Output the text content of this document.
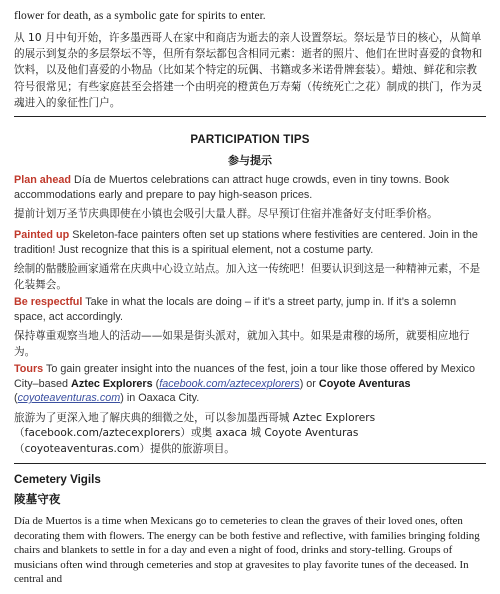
flower for death, as a symbolic gate for spirits to enter.
从 10 月中旬开始，许多墨西哥人在家中和商店为逝去的亲人设置祭坛。祭坛是节日的核心，从简单的展示到复杂的多层祭坛不等，但所有祭坛都包含相同元素：逝者的照片、他们在世时喜爱的食物和饮料，以及他们喜爱的小物品（比如某个特定的玩偶、书籍或多米诺骨牌套装）。蜡烛、鲜花和宗教符号很常见；有些家庭甚至会搭建一个由明亮的橙黄色万寿菊（传统死亡之花）制成的拱门，作为灵魂进入的象征性门户。
PARTICIPATION TIPS
参与提示
Plan ahead Día de Muertos celebrations can attract huge crowds, even in tiny towns. Book accommodations early and prepare to pay high-season prices.
提前计划万圣节庆典即使在小镇也会吸引大量人群。尽早预订住宿并准备好支付旺季价格。
Painted up Skeleton-face painters often set up stations where festivities are centered. Join in the tradition! Just recognize that this is a spiritual element, not a costume party.
绘制的骷髅脸画家通常在庆典中心设立站点。加入这一传统吧！但要认识到这是一种精神元素，不是化装舞会。
Be respectful Take in what the locals are doing – if it’s a street party, jump in. If it’s a solemn space, act accordingly.
保持尊重观察当地人的活动——如果是街头派对，就加入其中。如果是肃穆的场所，就要相应地行为。
Tours To gain greater insight into the nuances of the fest, join a tour like those offered by Mexico City–based Aztec Explorers (facebook.com/aztecexplorers) or Coyote Aventuras (coyoteaventuras.com) in Oaxaca City.
旅游为了更深入地了解庆典的细微之处，可以参加墨西哥城 Aztec Explorers（facebook.com/aztecexplorers）或奥 axaca 城 Coyote Aventuras（coyoteaventuras.com）提供的旅游项目。
Cemetery Vigils
陵墓守夜
Día de Muertos is a time when Mexicans go to cemeteries to clean the graves of their loved ones, often decorating them with flowers. The energy can be both festive and reflective, with families bringing folding chairs and blankets to settle in for a day and even a night of food, drinks and story-telling. Groups of musicians often wind through cemeteries and stop at gravesites to play favorite tunes of the deceased. In central and
